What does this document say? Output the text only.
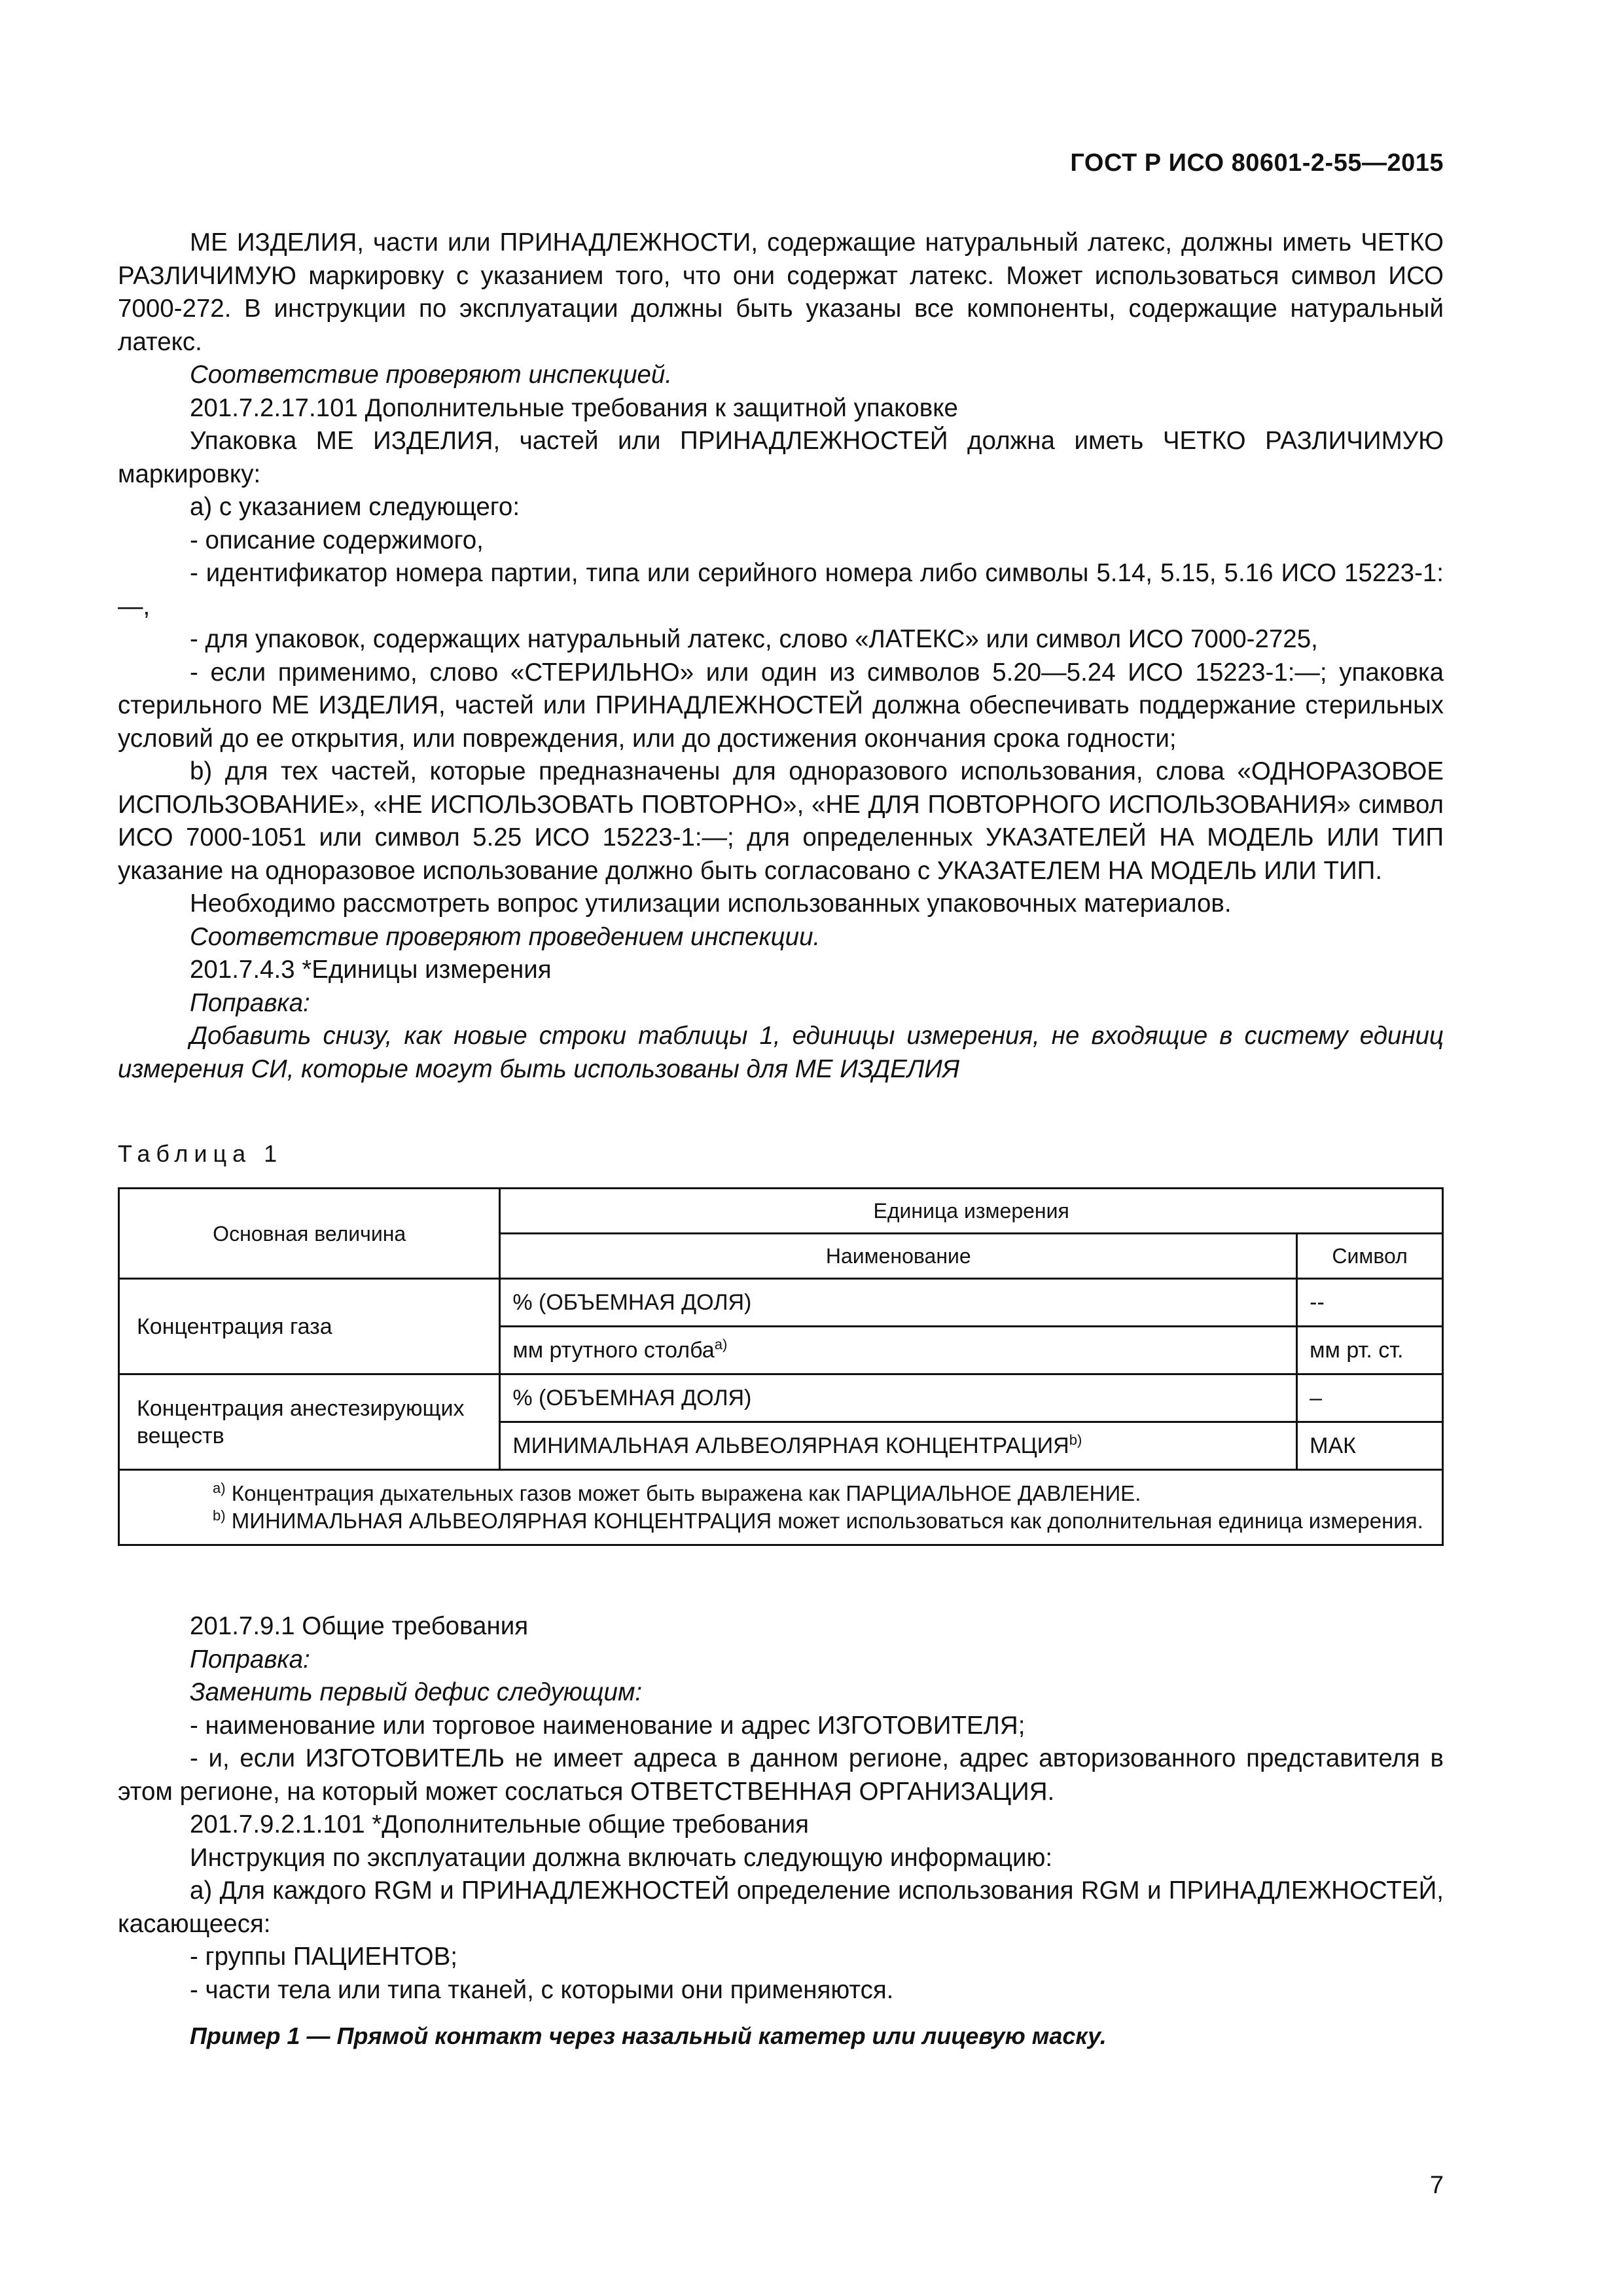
ГОСТ Р ИСО 80601-2-55—2015

МЕ ИЗДЕЛИЯ, части или ПРИНАДЛЕЖНОСТИ, содержащие натуральный латекс, должны иметь ЧЕТКО РАЗЛИЧИМУЮ маркировку с указанием того, что они содержат латекс. Может использоваться символ ИСО 7000-272. В инструкции по эксплуатации должны быть указаны все компоненты, содержащие натуральный латекс.

Соответствие проверяют инспекцией.

201.7.2.17.101 Дополнительные требования к защитной упаковке

Упаковка МЕ ИЗДЕЛИЯ, частей или ПРИНАДЛЕЖНОСТЕЙ должна иметь ЧЕТКО РАЗЛИЧИМУЮ маркировку:

а) с указанием следующего:

- описание содержимого,

- идентификатор номера партии, типа или серийного номера либо символы 5.14, 5.15, 5.16 ИСО 15223-1:—,

- для упаковок, содержащих натуральный латекс, слово «ЛАТЕКС» или символ ИСО 7000-2725,

- если применимо, слово «СТЕРИЛЬНО» или один из символов 5.20—5.24 ИСО 15223-1:—; упаковка стерильного МЕ ИЗДЕЛИЯ, частей или ПРИНАДЛЕЖНОСТЕЙ должна обеспечивать поддержание стерильных условий до ее открытия, или повреждения, или до достижения окончания срока годности;

b) для тех частей, которые предназначены для одноразового использования, слова «ОДНОРАЗОВОЕ ИСПОЛЬЗОВАНИЕ», «НЕ ИСПОЛЬЗОВАТЬ ПОВТОРНО», «НЕ ДЛЯ ПОВТОРНОГО ИСПОЛЬЗОВАНИЯ» символ ИСО 7000-1051 или символ 5.25 ИСО 15223-1:—; для определенных УКАЗАТЕЛЕЙ НА МОДЕЛЬ ИЛИ ТИП указание на одноразовое использование должно быть согласовано с УКАЗАТЕЛЕМ НА МОДЕЛЬ ИЛИ ТИП.

Необходимо рассмотреть вопрос утилизации использованных упаковочных материалов.

Соответствие проверяют проведением инспекции.

201.7.4.3 *Единицы измерения

Поправка:

Добавить снизу, как новые строки таблицы 1, единицы измерения, не входящие в систему единиц измерения СИ, которые могут быть использованы для МЕ ИЗДЕЛИЯ

Таблица 1
Основная величина	Единица измерения	
	Наименование	Символ
Концентрация газа	% (ОБЪЕМНАЯ ДОЛЯ)	--
	мм ртутного столба$^{a)}$	мм рт. ст.
Концентрация анестезирующих веществ	% (ОБЪЕМНАЯ ДОЛЯ)	–
	МИНИМАЛЬНАЯ АЛЬВЕОЛЯРНАЯ КОНЦЕНТРАЦИЯ$^{b)}$	МАК

$^{a)}$ Концентрация дыхательных газов может быть выражена как ПАРЦИАЛЬНОЕ ДАВЛЕНИЕ.
$^{b)}$ МИНИМАЛЬНАЯ АЛЬВЕОЛЯРНАЯ КОНЦЕНТРАЦИЯ может использоваться как дополнительная единица измерения.		

201.7.9.1 Общие требования

Поправка:

Заменить первый дефис следующим:

- наименование или торговое наименование и адрес ИЗГОТОВИТЕЛЯ;

- и, если ИЗГОТОВИТЕЛЬ не имеет адреса в данном регионе, адрес авторизованного представителя в этом регионе, на который может сослаться ОТВЕТСТВЕННАЯ ОРГАНИЗАЦИЯ.

201.7.9.2.1.101 *Дополнительные общие требования

Инструкция по эксплуатации должна включать следующую информацию:

а) Для каждого RGM и ПРИНАДЛЕЖНОСТЕЙ определение использования RGM и ПРИНАДЛЕЖНОСТЕЙ, касающееся:

- группы ПАЦИЕНТОВ;

- части тела или типа тканей, с которыми они применяются.

Пример 1 — Прямой контакт через назальный катетер или лицевую маску.

7
